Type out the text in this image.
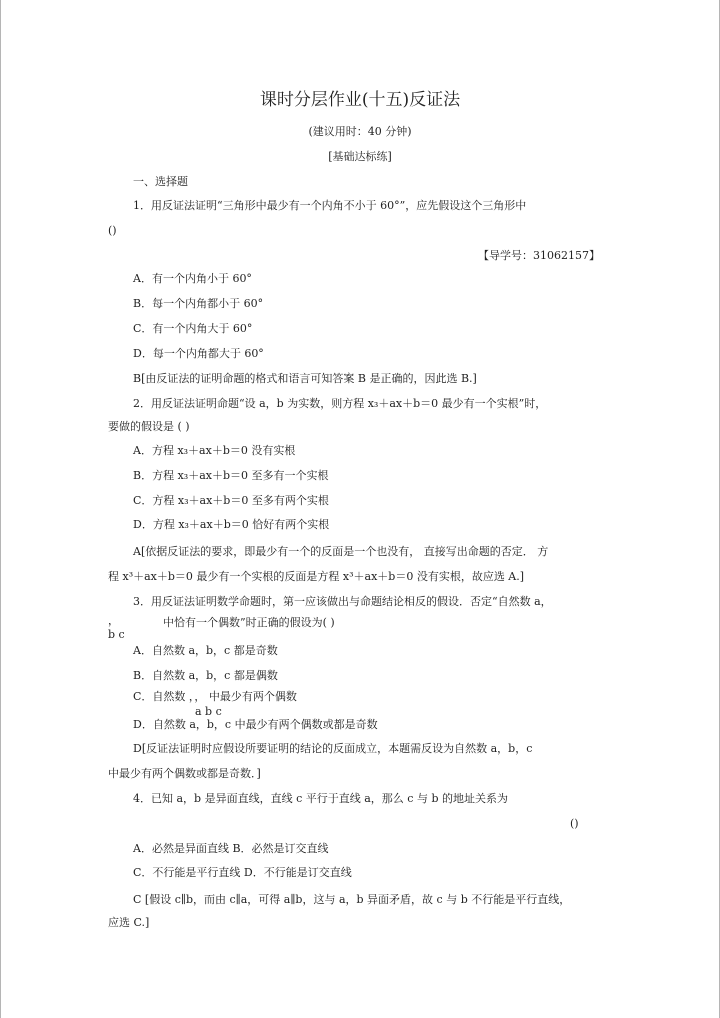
课时分层作业(十五)反证法
(建议用时：40 分钟)
[基础达标练]
一、选择题
1．用反证法证明“三角形中最少有一个内角不小于 60°”，应先假设这个三角形中
()
【导学号：31062157】
A．有一个内角小于 60°
B．每一个内角都小于 60°
C．有一个内角大于 60°
D．每一个内角都大于 60°
B[由反证法的证明命题的格式和语言可知答案 B 是正确的，因此选 B.]
2．用反证法证明命题“设 a，b 为实数，则方程 x₃＋ax＋b＝0 最少有一个实根”时，
要做的假设是 ( )
A．方程 x₃＋ax＋b＝0 没有实根
B．方程 x₃＋ax＋b＝0 至多有一个实根
C．方程 x₃＋ax＋b＝0 至多有两个实根
D．方程 x₃＋ax＋b＝0 恰好有两个实根
A[依据反证法的要求，即最少有一个的反面是一个也没有， 直接写出命题的否定． 方
程 x³＋ax＋b＝0 最少有一个实根的反面是方程 x³＋ax＋b＝0 没有实根，故应选 A.]
3．用反证法证明数学命题时，第一应该做出与命题结论相反的假设．否定“自然数 a，
，
b c
中恰有一个偶数”时正确的假设为( )
A．自然数 a，b，c 都是奇数
B．自然数 a，b，c 都是偶数
C．自然数 ，， 中最少有两个偶数
a b c
D．自然数 a，b，c 中最少有两个偶数或都是奇数
D[反证法证明时应假设所要证明的结论的反面成立，本题需反设为自然数 a，b，c
中最少有两个偶数或都是奇数．]
4．已知 a，b 是异面直线，直线 c 平行于直线 a，那么 c 与 b 的地址关系为
()
A．必然是异面直线 B．必然是订交直线
C．不行能是平行直线 D．不行能是订交直线
C [假设 c∥b，而由 c∥a，可得 a∥b，这与 a，b 异面矛盾，故 c 与 b 不行能是平行直线，
应选 C.]
